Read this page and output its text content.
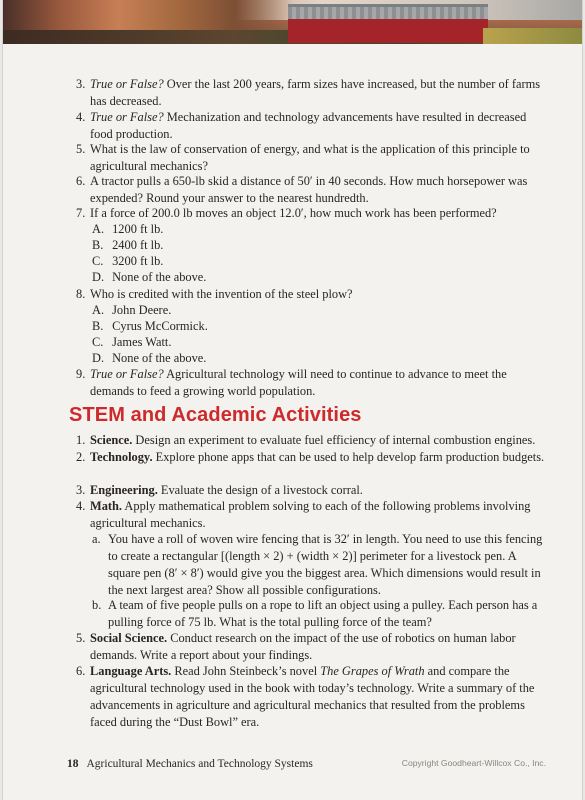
3. True or False? Over the last 200 years, farm sizes have increased, but the number of farms has decreased.

4. True or False? Mechanization and technology advancements have resulted in decreased food production.

5. What is the law of conservation of energy, and what is the application of this principle to agricultural mechanics?

6. A tractor pulls a 650-lb skid a distance of 50′ in 40 seconds. How much horsepower was expended? Round your answer to the nearest hundredth.

7. If a force of 200.0 lb moves an object 12.0′, how much work has been performed?

A. 1200 ft lb.

B. 2400 ft lb.

C. 3200 ft lb.

D. None of the above.

8. Who is credited with the invention of the steel plow?

A. John Deere.

B. Cyrus McCormick.

C. James Watt.

D. None of the above.

9. True or False? Agricultural technology will need to continue to advance to meet the demands to feed a growing world population.

STEM and Academic Activities

1. Science. Design an experiment to evaluate fuel efficiency of internal combustion engines.

2. Technology. Explore phone apps that can be used to help develop farm production budgets.

3. Engineering. Evaluate the design of a livestock corral.

4. Math. Apply mathematical problem solving to each of the following problems involving agricultural mechanics.

a. You have a roll of woven wire fencing that is 32′ in length. You need to use this fencing to create a rectangular [(length × 2) + (width × 2)] perimeter for a livestock pen. A square pen (8′ × 8′) would give you the biggest area. Which dimensions would result in the next largest area? Show all possible configurations.

b. A team of five people pulls on a rope to lift an object using a pulley. Each person has a pulling force of 75 lb. What is the total pulling force of the team?

5. Social Science. Conduct research on the impact of the use of robotics on human labor demands. Write a report about your findings.

6. Language Arts. Read John Steinbeck’s novel The Grapes of Wrath and compare the agricultural technology used in the book with today’s technology. Write a summary of the advancements in agriculture and agricultural mechanics that resulted from the problems faced during the “Dust Bowl” era.

18 Agricultural Mechanics and Technology Systems	Copyright Goodheart-Willcox Co., Inc.
